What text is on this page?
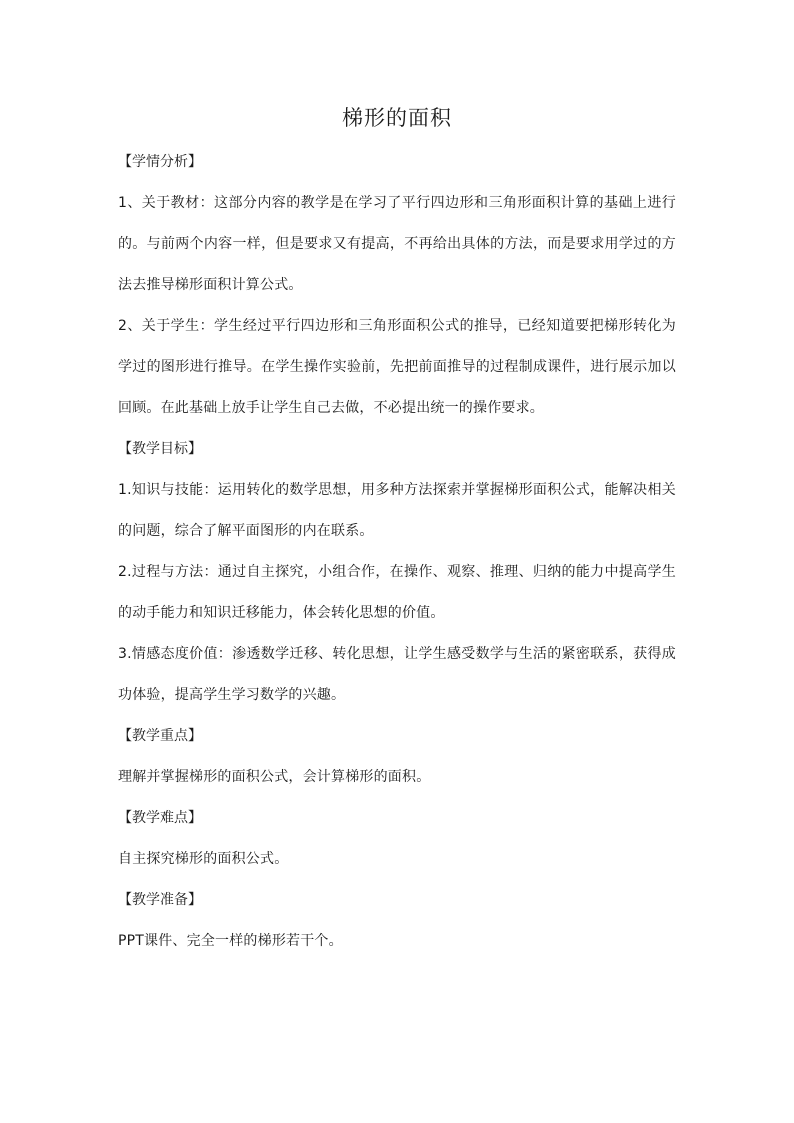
梯形的面积

【学情分析】

1、关于教材：这部分内容的教学是在学习了平行四边形和三角形面积计算的基础上进行的。与前两个内容一样，但是要求又有提高，不再给出具体的方法，而是要求用学过的方法去推导梯形面积计算公式。

2、关于学生：学生经过平行四边形和三角形面积公式的推导，已经知道要把梯形转化为学过的图形进行推导。在学生操作实验前，先把前面推导的过程制成课件，进行展示加以回顾。在此基础上放手让学生自己去做，不必提出统一的操作要求。

【教学目标】

1.知识与技能：运用转化的数学思想，用多种方法探索并掌握梯形面积公式，能解决相关的问题，综合了解平面图形的内在联系。

2.过程与方法：通过自主探究，小组合作，在操作、观察、推理、归纳的能力中提高学生的动手能力和知识迁移能力，体会转化思想的价值。

3.情感态度价值：渗透数学迁移、转化思想，让学生感受数学与生活的紧密联系，获得成功体验，提高学生学习数学的兴趣。

【教学重点】

理解并掌握梯形的面积公式，会计算梯形的面积。

【教学难点】

自主探究梯形的面积公式。

【教学准备】

PPT课件、完全一样的梯形若干个。
